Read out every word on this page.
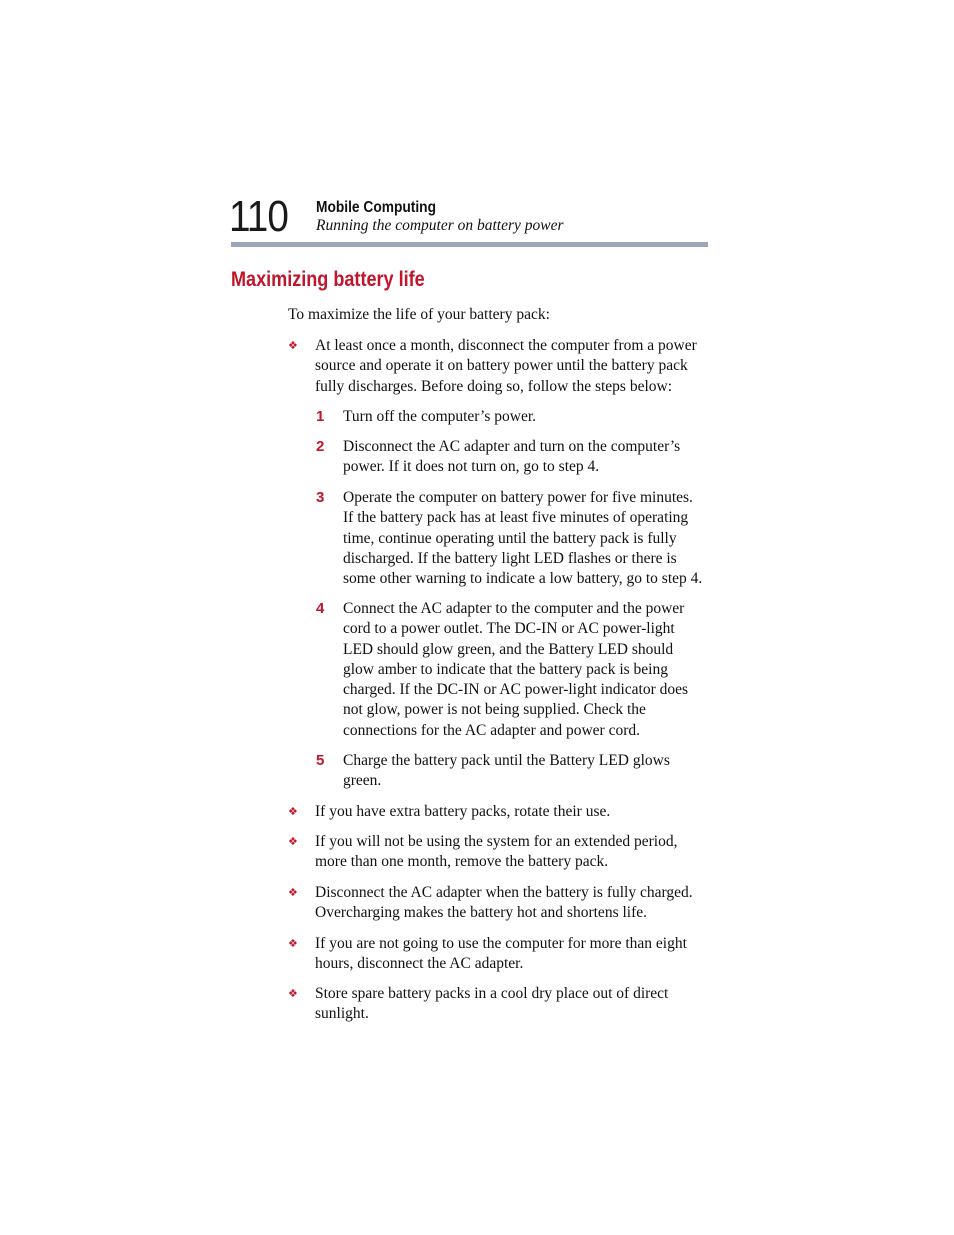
110 Mobile Computing
Running the computer on battery power
Maximizing battery life
To maximize the life of your battery pack:
❖ At least once a month, disconnect the computer from a power
source and operate it on battery power until the battery pack
fully discharges. Before doing so, follow the steps below:
1 Turn off the computer’s power.
2 Disconnect the AC adapter and turn on the computer’s
power. If it does not turn on, go to step 4.
3 Operate the computer on battery power for five minutes.
If the battery pack has at least five minutes of operating
time, continue operating until the battery pack is fully
discharged. If the battery light LED flashes or there is
some other warning to indicate a low battery, go to step 4.
4 Connect the AC adapter to the computer and the power
cord to a power outlet. The DC-IN or AC power-light
LED should glow green, and the Battery LED should
glow amber to indicate that the battery pack is being
charged. If the DC-IN or AC power-light indicator does
not glow, power is not being supplied. Check the
connections for the AC adapter and power cord.
5 Charge the battery pack until the Battery LED glows
green.
❖ If you have extra battery packs, rotate their use.
❖ If you will not be using the system for an extended period,
more than one month, remove the battery pack.
❖ Disconnect the AC adapter when the battery is fully charged.
Overcharging makes the battery hot and shortens life.
❖ If you are not going to use the computer for more than eight
hours, disconnect the AC adapter.
❖ Store spare battery packs in a cool dry place out of direct
sunlight.
